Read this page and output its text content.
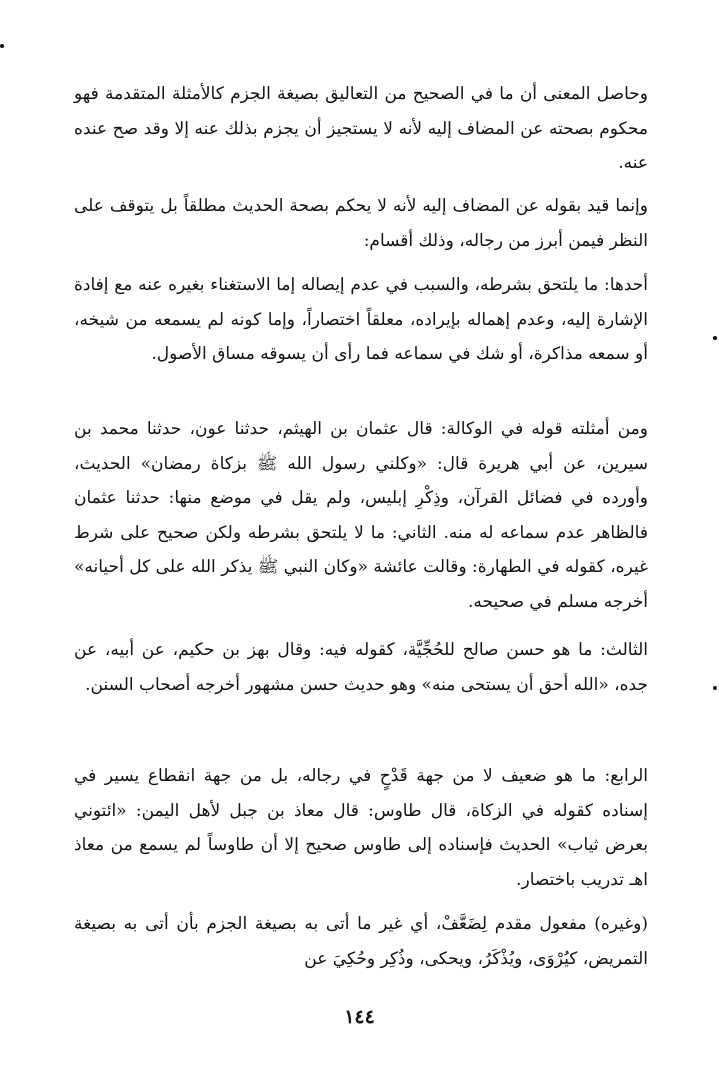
وحاصل المعنى أن ما في الصحيح من التعاليق بصيغة الجزم كالأمثلة المتقدمة فهو محكوم بصحته عن المضاف إليه لأنه لا يستجيز أن يجزم بذلك عنه إلا وقد صح عنده عنه.

وإنما قيد بقوله عن المضاف إليه لأنه لا يحكم بصحة الحديث مطلقاً بل يتوقف على النظر فيمن أبرز من رجاله، وذلك أقسام:

أحدها: ما يلتحق بشرطه، والسبب في عدم إيصاله إما الاستغناء بغيره عنه مع إفادة الإشارة إليه، وعدم إهماله بإيراده، معلقاً اختصاراً، وإما كونه لم يسمعه من شيخه، أو سمعه مذاكرة، أو شك في سماعه فما رأى أن يسوقه مساق الأصول.

ومن أمثلته قوله في الوكالة: قال عثمان بن الهيثم، حدثنا عون، حدثنا محمد بن سيرين، عن أبي هريرة قال: «وكلني رسول الله ﷺ بزكاة رمضان» الحديث، وأورده في فضائل القرآن، وذِكْرِ إبليس، ولم يقل في موضع منها: حدثنا عثمان فالظاهر عدم سماعه له منه. الثاني: ما لا يلتحق بشرطه ولكن صحيح على شرط غيره، كقوله في الطهارة: وقالت عائشة «وكان النبي ﷺ يذكر الله على كل أحيانه» أخرجه مسلم في صحيحه.

الثالث: ما هو حسن صالح للحُجِّيَّة، كقوله فيه: وقال بهز بن حكيم، عن أبيه، عن جده، «الله أحق أن يستحى منه» وهو حديث حسن مشهور أخرجه أصحاب السنن.

الرابع: ما هو ضعيف لا من جهة قَدْحٍ في رجاله، بل من جهة انقطاع يسير في إسناده كقوله في الزكاة، قال طاوس: قال معاذ بن جبل لأهل اليمن: «ائتوني بعرض ثياب» الحديث فإسناده إلى طاوس صحيح إلا أن طاوساً لم يسمع من معاذ اهـ تدريب باختصار.

(وغيره) مفعول مقدم لِضَعَّفْ، أي غير ما أتى به بصيغة الجزم بأن أتى به بصيغة التمريض، كيُرْوَى، ويُذْكَرُ، ويحكى، وذُكِر وحُكِيَ عن

١٤٤
